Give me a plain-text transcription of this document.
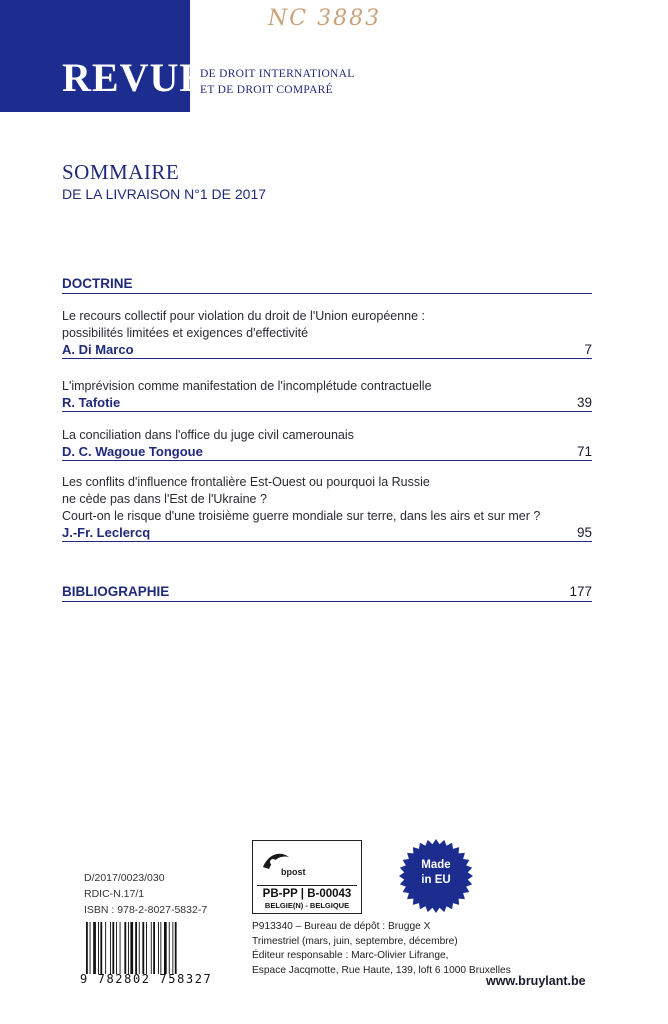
REVUE
DE DROIT INTERNATIONAL
ET DE DROIT COMPARÉ
NC 3883
SOMMAIRE
DE LA LIVRAISON N°1 DE 2017
DOCTRINE
Le recours collectif pour violation du droit de l'Union européenne :
possibilités limitées et exigences d'effectivité
A. Di Marco	7
L'imprévision comme manifestation de l'incomplétude contractuelle
R. Tafotie	39
La conciliation dans l'office du juge civil camerounais
D. C. Wagoue Tongoue	71
Les conflits d'influence frontalière Est-Ouest ou pourquoi la Russie
ne cède pas dans l'Est de l'Ukraine ?
Court-on le risque d'une troisième guerre mondiale sur terre, dans les airs et sur mer ?
J.-Fr. Leclercq	95
BIBLIOGRAPHIE	177
D/2017/0023/030
RDIC-N.17/1
ISBN : 978-2-8027-5832-7
9 782802 758327
bpost
PB-PP | B-00043
BELGIE(N) - BELGIQUE
Made
in EU
P913340 – Bureau de dépôt : Brugge X
Trimestriel (mars, juin, septembre, décembre)
Éditeur responsable : Marc-Olivier Lifrange,
Espace Jacqmotte, Rue Haute, 139, loft 6 1000 Bruxelles
www.bruylant.be
